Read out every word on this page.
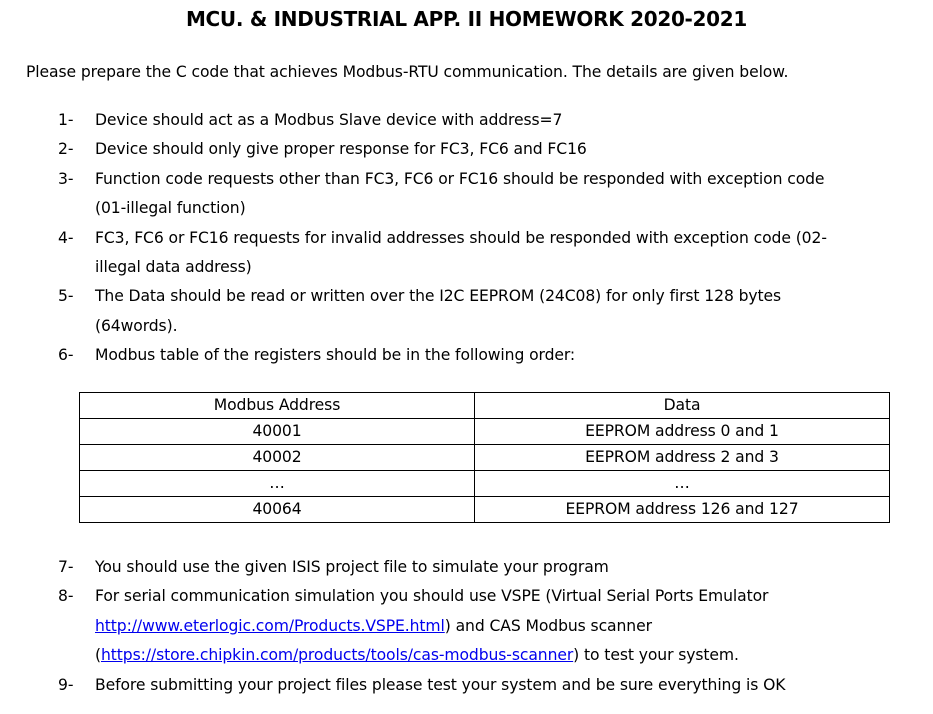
MCU. & INDUSTRIAL APP. II HOMEWORK 2020-2021
Please prepare the C code that achieves Modbus-RTU communication. The details are given below.
1- Device should act as a Modbus Slave device with address=7
2- Device should only give proper response for FC3, FC6 and FC16
3- Function code requests other than FC3, FC6 or FC16 should be responded with exception code
(01-illegal function)
4- FC3, FC6 or FC16 requests for invalid addresses should be responded with exception code (02-
illegal data address)
5- The Data should be read or written over the I2C EEPROM (24C08) for only first 128 bytes
(64words).
6- Modbus table of the registers should be in the following order:
Modbus Address	Data
40001	EEPROM address 0 and 1
40002	EEPROM address 2 and 3
…	…
40064	EEPROM address 126 and 127
7- You should use the given ISIS project file to simulate your program
8- For serial communication simulation you should use VSPE (Virtual Serial Ports Emulator
http://www.eterlogic.com/Products.VSPE.html) and CAS Modbus scanner
(https://store.chipkin.com/products/tools/cas-modbus-scanner) to test your system.
9- Before submitting your project files please test your system and be sure everything is OK
